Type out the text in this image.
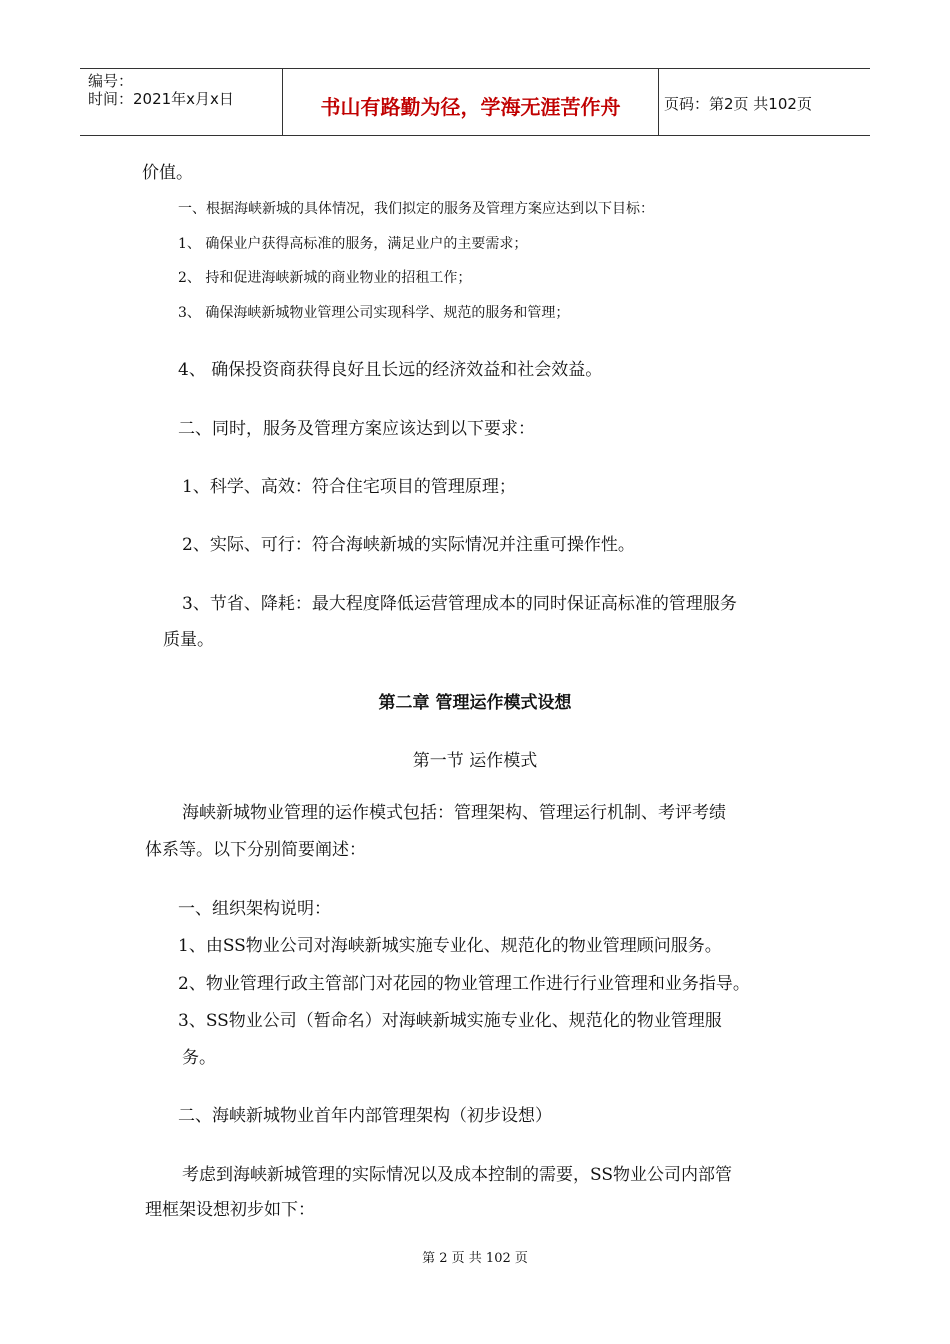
编号：
时间：2021年x月x日	书山有路勤为径，学海无涯苦作舟	页码：第2页 共102页
价值。
一、根据海峡新城的具体情况，我们拟定的服务及管理方案应达到以下目标：
1、 确保业户获得高标准的服务，满足业户的主要需求；
2、 持和促进海峡新城的商业物业的招租工作；
3、 确保海峡新城物业管理公司实现科学、规范的服务和管理；
4、 确保投资商获得良好且长远的经济效益和社会效益。
二、同时，服务及管理方案应该达到以下要求：
1、科学、高效：符合住宅项目的管理原理；
2、实际、可行：符合海峡新城的实际情况并注重可操作性。
3、节省、降耗：最大程度降低运营管理成本的同时保证高标准的管理服务
质量。
第二章 管理运作模式设想
第一节 运作模式
海峡新城物业管理的运作模式包括：管理架构、管理运行机制、考评考绩
体系等。以下分别简要阐述：
一、组织架构说明：
1、由SS物业公司对海峡新城实施专业化、规范化的物业管理顾问服务。
2、物业管理行政主管部门对花园的物业管理工作进行行业管理和业务指导。
3、SS物业公司（暂命名）对海峡新城实施专业化、规范化的物业管理服
务。
二、海峡新城物业首年内部管理架构（初步设想）
考虑到海峡新城管理的实际情况以及成本控制的需要，SS物业公司内部管
理框架设想初步如下：
第 2 页 共 102 页
